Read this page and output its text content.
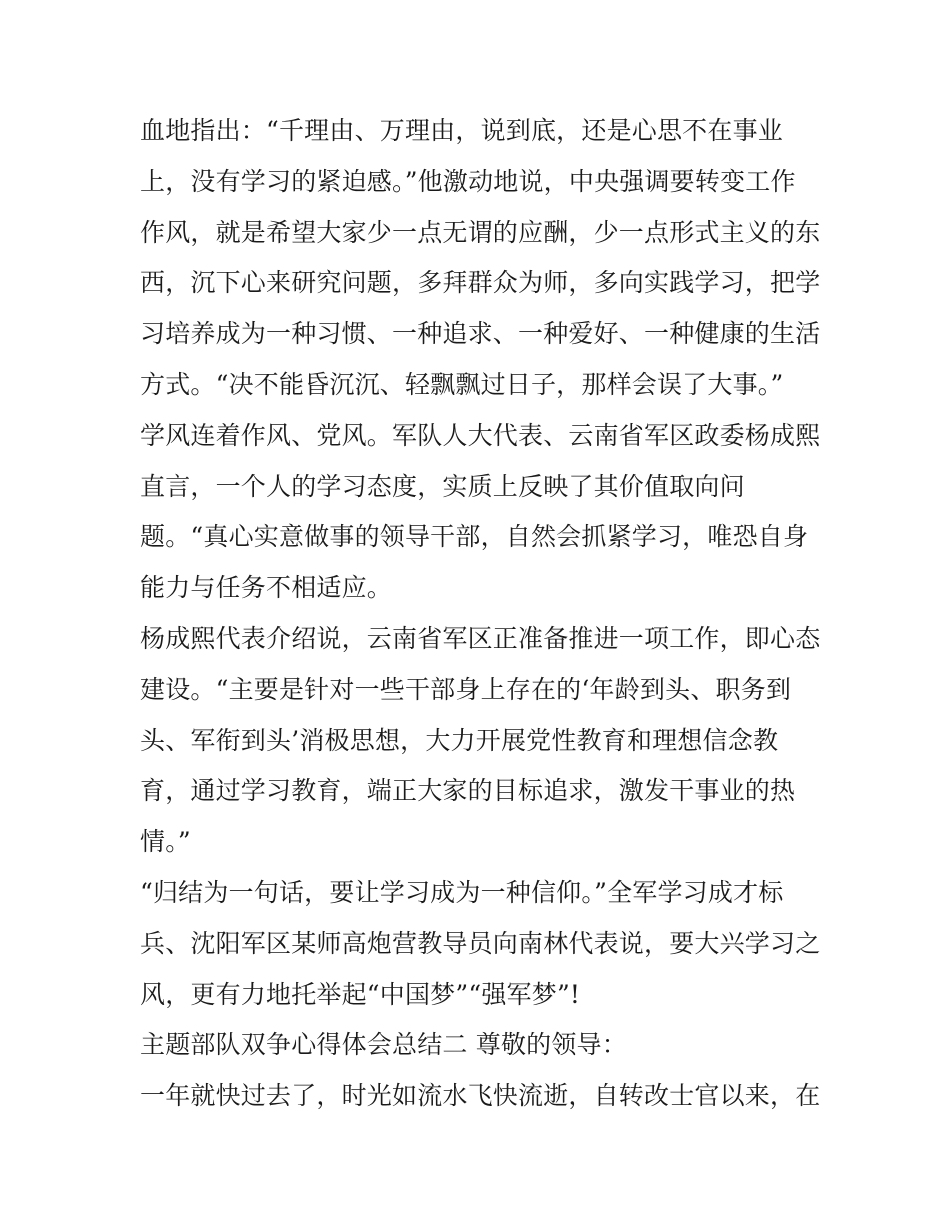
血地指出：“千理由、万理由，说到底，还是心思不在事业
上，没有学习的紧迫感。”他激动地说，中央强调要转变工作
作风，就是希望大家少一点无谓的应酬，少一点形式主义的东
西，沉下心来研究问题，多拜群众为师，多向实践学习，把学
习培养成为一种习惯、一种追求、一种爱好、一种健康的生活
方式。“决不能昏沉沉、轻飘飘过日子，那样会误了大事。”
学风连着作风、党风。军队人大代表、云南省军区政委杨成熙
直言，一个人的学习态度，实质上反映了其价值取向问
题。“真心实意做事的领导干部，自然会抓紧学习，唯恐自身
能力与任务不相适应。
杨成熙代表介绍说，云南省军区正准备推进一项工作，即心态
建设。“主要是针对一些干部身上存在的‘年龄到头、职务到
头、军衔到头’消极思想，大力开展党性教育和理想信念教
育，通过学习教育，端正大家的目标追求，激发干事业的热
情。”
“归结为一句话，要让学习成为一种信仰。”全军学习成才标
兵、沈阳军区某师高炮营教导员向南林代表说，要大兴学习之
风，更有力地托举起“中国梦”“强军梦”!
主题部队双争心得体会总结二 尊敬的领导：
一年就快过去了，时光如流水飞快流逝，自转改士官以来，在
